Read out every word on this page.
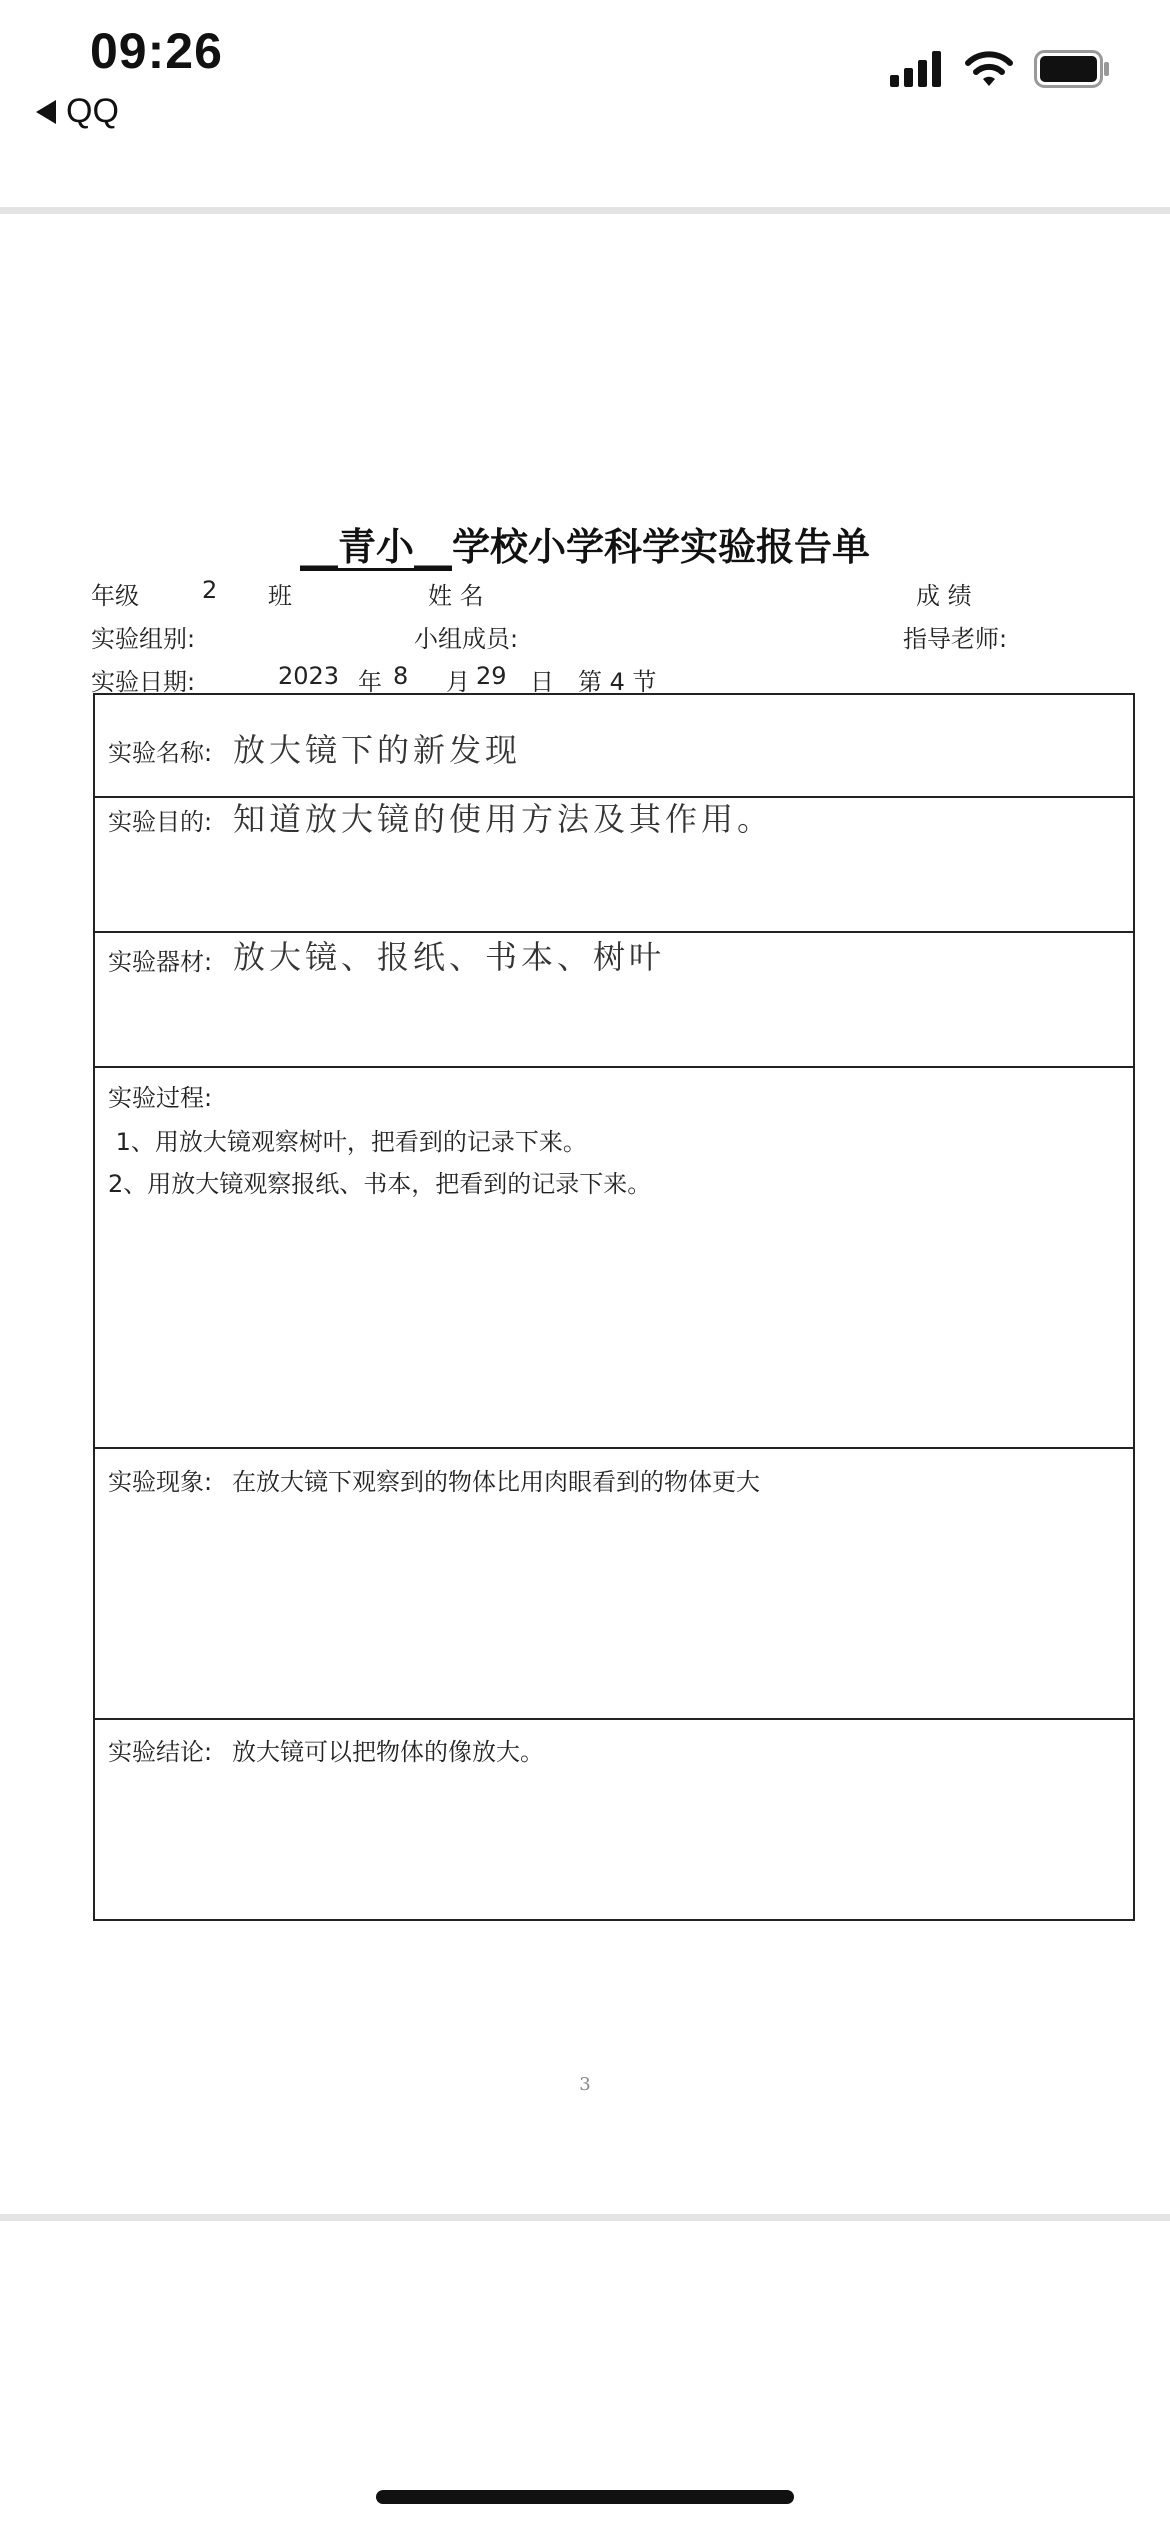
09:26
QQ
__青小__学校小学科学实验报告单
年级	2 班	姓 名	成 绩
实验组别:	小组成员:	指导老师:
实验日期:	2023 年 8 月 29 日 第 4 节
实验名称: 放大镜下的新发现
实验目的: 知道放大镜的使用方法及其作用。
实验器材: 放大镜、报纸、书本、树叶
实验过程:
1、用放大镜观察树叶，把看到的记录下来。
2、用放大镜观察报纸、书本，把看到的记录下来。
实验现象: 在放大镜下观察到的物体比用肉眼看到的物体更大
实验结论: 放大镜可以把物体的像放大。
3
